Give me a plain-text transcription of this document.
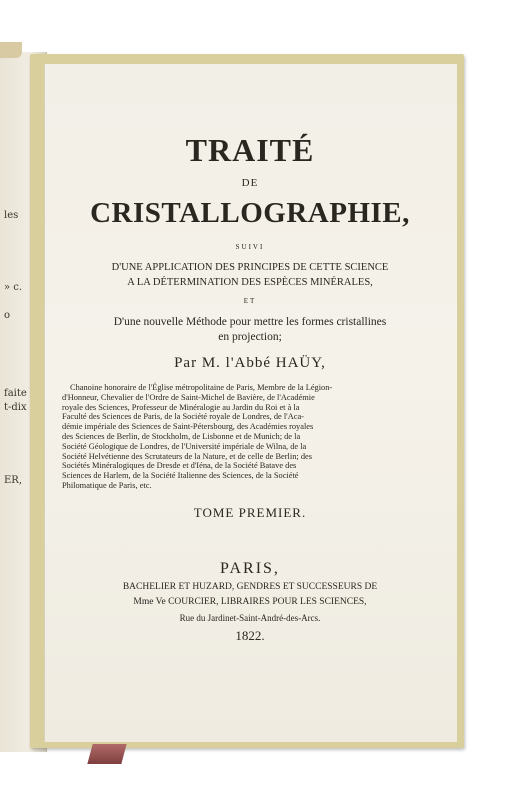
les
» c.
o
faite
t-dix
ER,
TRAITÉ
DE
CRISTALLOGRAPHIE,
SUIVI
D'UNE APPLICATION DES PRINCIPES DE CETTE SCIENCE
A LA DÉTERMINATION DES ESPÈCES MINÉRALES,
ET
D'une nouvelle Méthode pour mettre les formes cristallines
en projection;
Par M. l'Abbé HAÜY,
Chanoine honoraire de l'Église métropolitaine de Paris, Membre de la Légion-
d'Honneur, Chevalier de l'Ordre de Saint-Michel de Bavière, de l'Académie
royale des Sciences, Professeur de Minéralogie au Jardin du Roi et à la
Faculté des Sciences de Paris, de la Société royale de Londres, de l'Aca-
démie impériale des Sciences de Saint-Pétersbourg, des Académies royales
des Sciences de Berlin, de Stockholm, de Lisbonne et de Munich; de la
Société Géologique de Londres, de l'Université impériale de Wilna, de la
Société Helvétienne des Scrutateurs de la Nature, et de celle de Berlin; des
Sociétés Minéralogiques de Dresde et d'Iéna, de la Société Batave des
Sciences de Harlem, de la Société Italienne des Sciences, de la Société
Philomatique de Paris, etc.
TOME PREMIER.
PARIS,
BACHELIER ET HUZARD, GENDRES ET SUCCESSEURS DE
Mme Ve COURCIER, LIBRAIRES POUR LES SCIENCES,
Rue du Jardinet-Saint-André-des-Arcs.
1822.
